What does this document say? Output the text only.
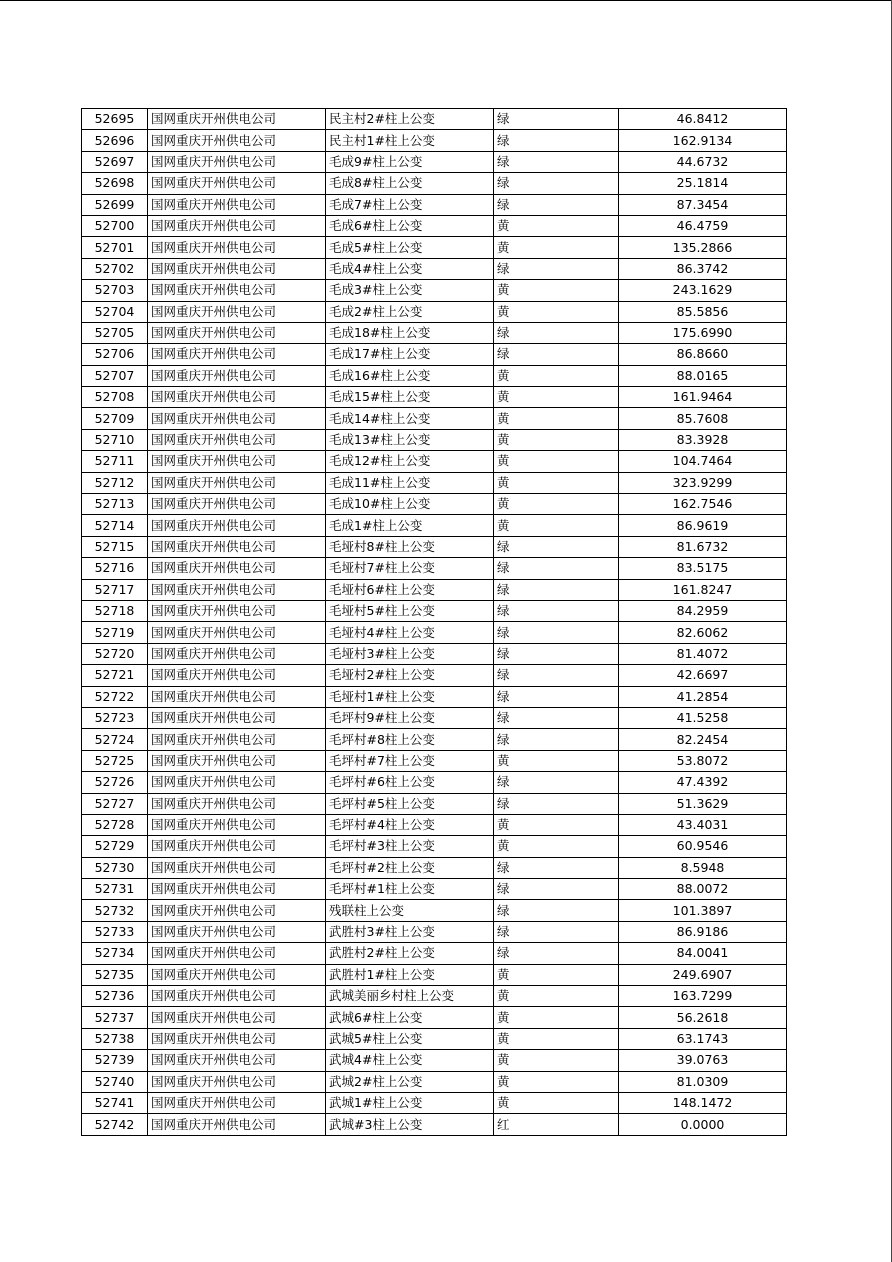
52695	国网重庆开州供电公司	民主村2#柱上公变	绿	46.8412
52696	国网重庆开州供电公司	民主村1#柱上公变	绿	162.9134
52697	国网重庆开州供电公司	毛成9#柱上公变	绿	44.6732
52698	国网重庆开州供电公司	毛成8#柱上公变	绿	25.1814
52699	国网重庆开州供电公司	毛成7#柱上公变	绿	87.3454
52700	国网重庆开州供电公司	毛成6#柱上公变	黄	46.4759
52701	国网重庆开州供电公司	毛成5#柱上公变	黄	135.2866
52702	国网重庆开州供电公司	毛成4#柱上公变	绿	86.3742
52703	国网重庆开州供电公司	毛成3#柱上公变	黄	243.1629
52704	国网重庆开州供电公司	毛成2#柱上公变	黄	85.5856
52705	国网重庆开州供电公司	毛成18#柱上公变	绿	175.6990
52706	国网重庆开州供电公司	毛成17#柱上公变	绿	86.8660
52707	国网重庆开州供电公司	毛成16#柱上公变	黄	88.0165
52708	国网重庆开州供电公司	毛成15#柱上公变	黄	161.9464
52709	国网重庆开州供电公司	毛成14#柱上公变	黄	85.7608
52710	国网重庆开州供电公司	毛成13#柱上公变	黄	83.3928
52711	国网重庆开州供电公司	毛成12#柱上公变	黄	104.7464
52712	国网重庆开州供电公司	毛成11#柱上公变	黄	323.9299
52713	国网重庆开州供电公司	毛成10#柱上公变	黄	162.7546
52714	国网重庆开州供电公司	毛成1#柱上公变	黄	86.9619
52715	国网重庆开州供电公司	毛垭村8#柱上公变	绿	81.6732
52716	国网重庆开州供电公司	毛垭村7#柱上公变	绿	83.5175
52717	国网重庆开州供电公司	毛垭村6#柱上公变	绿	161.8247
52718	国网重庆开州供电公司	毛垭村5#柱上公变	绿	84.2959
52719	国网重庆开州供电公司	毛垭村4#柱上公变	绿	82.6062
52720	国网重庆开州供电公司	毛垭村3#柱上公变	绿	81.4072
52721	国网重庆开州供电公司	毛垭村2#柱上公变	绿	42.6697
52722	国网重庆开州供电公司	毛垭村1#柱上公变	绿	41.2854
52723	国网重庆开州供电公司	毛坪村9#柱上公变	绿	41.5258
52724	国网重庆开州供电公司	毛坪村#8柱上公变	绿	82.2454
52725	国网重庆开州供电公司	毛坪村#7柱上公变	黄	53.8072
52726	国网重庆开州供电公司	毛坪村#6柱上公变	绿	47.4392
52727	国网重庆开州供电公司	毛坪村#5柱上公变	绿	51.3629
52728	国网重庆开州供电公司	毛坪村#4柱上公变	黄	43.4031
52729	国网重庆开州供电公司	毛坪村#3柱上公变	黄	60.9546
52730	国网重庆开州供电公司	毛坪村#2柱上公变	绿	8.5948
52731	国网重庆开州供电公司	毛坪村#1柱上公变	绿	88.0072
52732	国网重庆开州供电公司	残联柱上公变	绿	101.3897
52733	国网重庆开州供电公司	武胜村3#柱上公变	绿	86.9186
52734	国网重庆开州供电公司	武胜村2#柱上公变	绿	84.0041
52735	国网重庆开州供电公司	武胜村1#柱上公变	黄	249.6907
52736	国网重庆开州供电公司	武城美丽乡村柱上公变	黄	163.7299
52737	国网重庆开州供电公司	武城6#柱上公变	黄	56.2618
52738	国网重庆开州供电公司	武城5#柱上公变	黄	63.1743
52739	国网重庆开州供电公司	武城4#柱上公变	黄	39.0763
52740	国网重庆开州供电公司	武城2#柱上公变	黄	81.0309
52741	国网重庆开州供电公司	武城1#柱上公变	黄	148.1472
52742	国网重庆开州供电公司	武城#3柱上公变	红	0.0000
